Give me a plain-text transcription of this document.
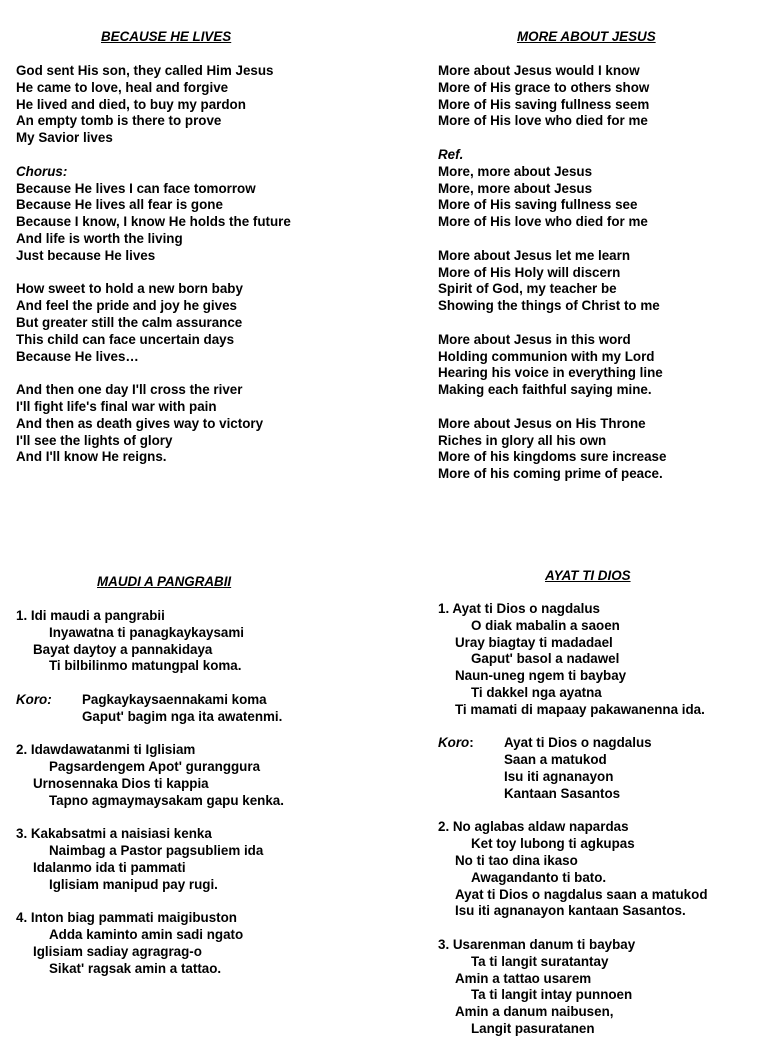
BECAUSE HE LIVES
God sent His son, they called Him Jesus
He came to love, heal and forgive
He lived and died, to buy my pardon
An empty tomb is there to prove
My Savior lives
Chorus:
Because He lives I can face tomorrow
Because He lives all fear is gone
Because I know, I know He holds the future
And life is worth the living
Just because He lives
How sweet to hold a new born baby
And feel the pride and joy he gives
But greater still the calm assurance
This child can face uncertain days
Because He lives…
And then one day I'll cross the river
I'll fight life's final war with pain
And then as death gives way to victory
I'll see the lights of glory
And I'll know He reigns.
MORE ABOUT JESUS
More about Jesus would I know
More of His grace to others show
More of His saving fullness seem
More of His love who died for me
Ref.
More, more about Jesus
More, more about Jesus
More of His saving fullness see
More of His love who died for me
More about Jesus let me learn
More of His Holy will discern
Spirit of God, my teacher be
Showing the things of Christ to me
More about Jesus in this word
Holding communion with my Lord
Hearing his voice in everything line
Making each faithful saying mine.
More about Jesus on His Throne
Riches in glory all his own
More of his kingdoms sure increase
More of his coming prime of peace.
MAUDI A PANGRABII
1. Idi maudi a pangrabii
Inyawatna ti panagkaykaysami
Bayat daytoy a pannakidaya
Ti bilbilinmo matungpal koma.
Koro:	Pagkaykaysaennakami koma
Gaput' bagim nga ita awatenmi.
2. Idawdawatanmi ti Iglisiam
Pagsardengem Apot' guranggura
Urnosennaka Dios ti kappia
Tapno agmaymaysakam gapu kenka.
3. Kakabsatmi a naisiasi kenka
Naimbag a Pastor pagsubliem ida
Idalanmo ida ti pammati
Iglisiam manipud pay rugi.
4. Inton biag pammati maigibuston
Adda kaminto amin sadi ngato
Iglisiam sadiay agragrag-o
Sikat' ragsak amin a tattao.
AYAT TI DIOS
1. Ayat ti Dios o nagdalus
O diak mabalin a saoen
Uray biagtay ti madadael
Gaput' basol a nadawel
Naun-uneg ngem ti baybay
Ti dakkel nga ayatna
Ti mamati di mapaay pakawanenna ida.
Koro:	Ayat ti Dios o nagdalus
Saan a matukod
Isu iti agnanayon
Kantaan Sasantos
2. No aglabas aldaw napardas
Ket toy lubong ti agkupas
No ti tao dina ikaso
Awagandanto ti bato.
Ayat ti Dios o nagdalus saan a matukod
Isu iti agnanayon kantaan Sasantos.
3. Usarenman danum ti baybay
Ta ti langit suratantay
Amin a tattao usarem
Ta ti langit intay punnoen
Amin a danum naibusen,
Langit pasuratanen
